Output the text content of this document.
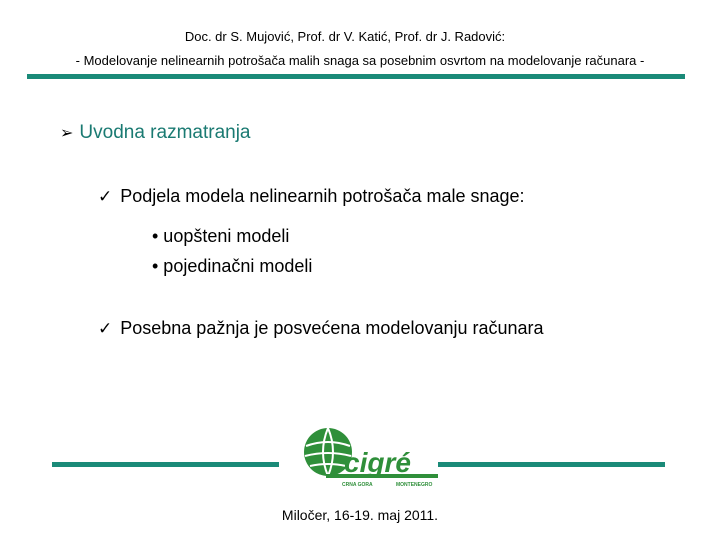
Doc. dr S. Mujović, Prof. dr V. Katić, Prof. dr J. Radović:
- Modelovanje nelinearnih potrošača malih snaga sa posebnim osvrtom na modelovanje računara -
➢ Uvodna razmatranja
✓ Podjela modela nelinearnih potrošača male snage:
• uopšteni modeli
• pojedinačni modeli
✓ Posebna pažnja je posvećena modelovanju računara
cigré
CRNA GORA	MONTENEGRO
Miločer, 16-19. maj 2011.
